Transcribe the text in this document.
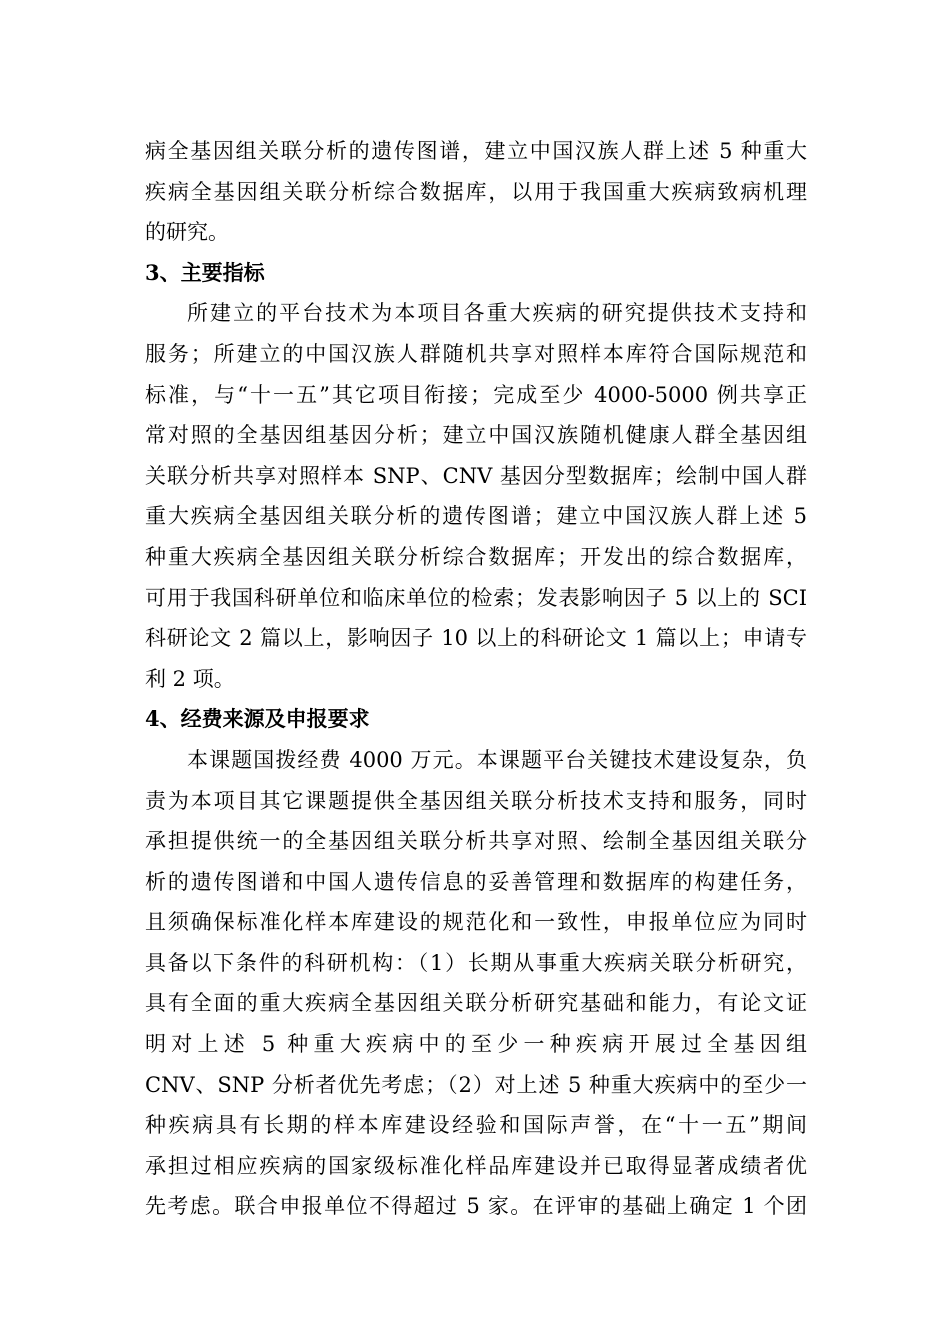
病全基因组关联分析的遗传图谱，建立中国汉族人群上述 5 种重大
疾病全基因组关联分析综合数据库，以用于我国重大疾病致病机理
的研究。
3、主要指标
所建立的平台技术为本项目各重大疾病的研究提供技术支持和
服务；所建立的中国汉族人群随机共享对照样本库符合国际规范和
标准，与“十一五”其它项目衔接；完成至少 4000-5000 例共享正
常对照的全基因组基因分析；建立中国汉族随机健康人群全基因组
关联分析共享对照样本 SNP、CNV 基因分型数据库；绘制中国人群
重大疾病全基因组关联分析的遗传图谱；建立中国汉族人群上述 5
种重大疾病全基因组关联分析综合数据库；开发出的综合数据库，
可用于我国科研单位和临床单位的检索；发表影响因子 5 以上的 SCI
科研论文 2 篇以上，影响因子 10 以上的科研论文 1 篇以上；申请专
利 2 项。
4、经费来源及申报要求
本课题国拨经费 4000 万元。本课题平台关键技术建设复杂，负
责为本项目其它课题提供全基因组关联分析技术支持和服务，同时
承担提供统一的全基因组关联分析共享对照、绘制全基因组关联分
析的遗传图谱和中国人遗传信息的妥善管理和数据库的构建任务，
且须确保标准化样本库建设的规范化和一致性，申报单位应为同时
具备以下条件的科研机构：（1）长期从事重大疾病关联分析研究，
具有全面的重大疾病全基因组关联分析研究基础和能力，有论文证
明对上述 5 种重大疾病中的至少一种疾病开展过全基因组
CNV、SNP 分析者优先考虑；（2）对上述 5 种重大疾病中的至少一
种疾病具有长期的样本库建设经验和国际声誉，在“十一五”期间
承担过相应疾病的国家级标准化样品库建设并已取得显著成绩者优
先考虑。联合申报单位不得超过 5 家。在评审的基础上确定 1 个团
